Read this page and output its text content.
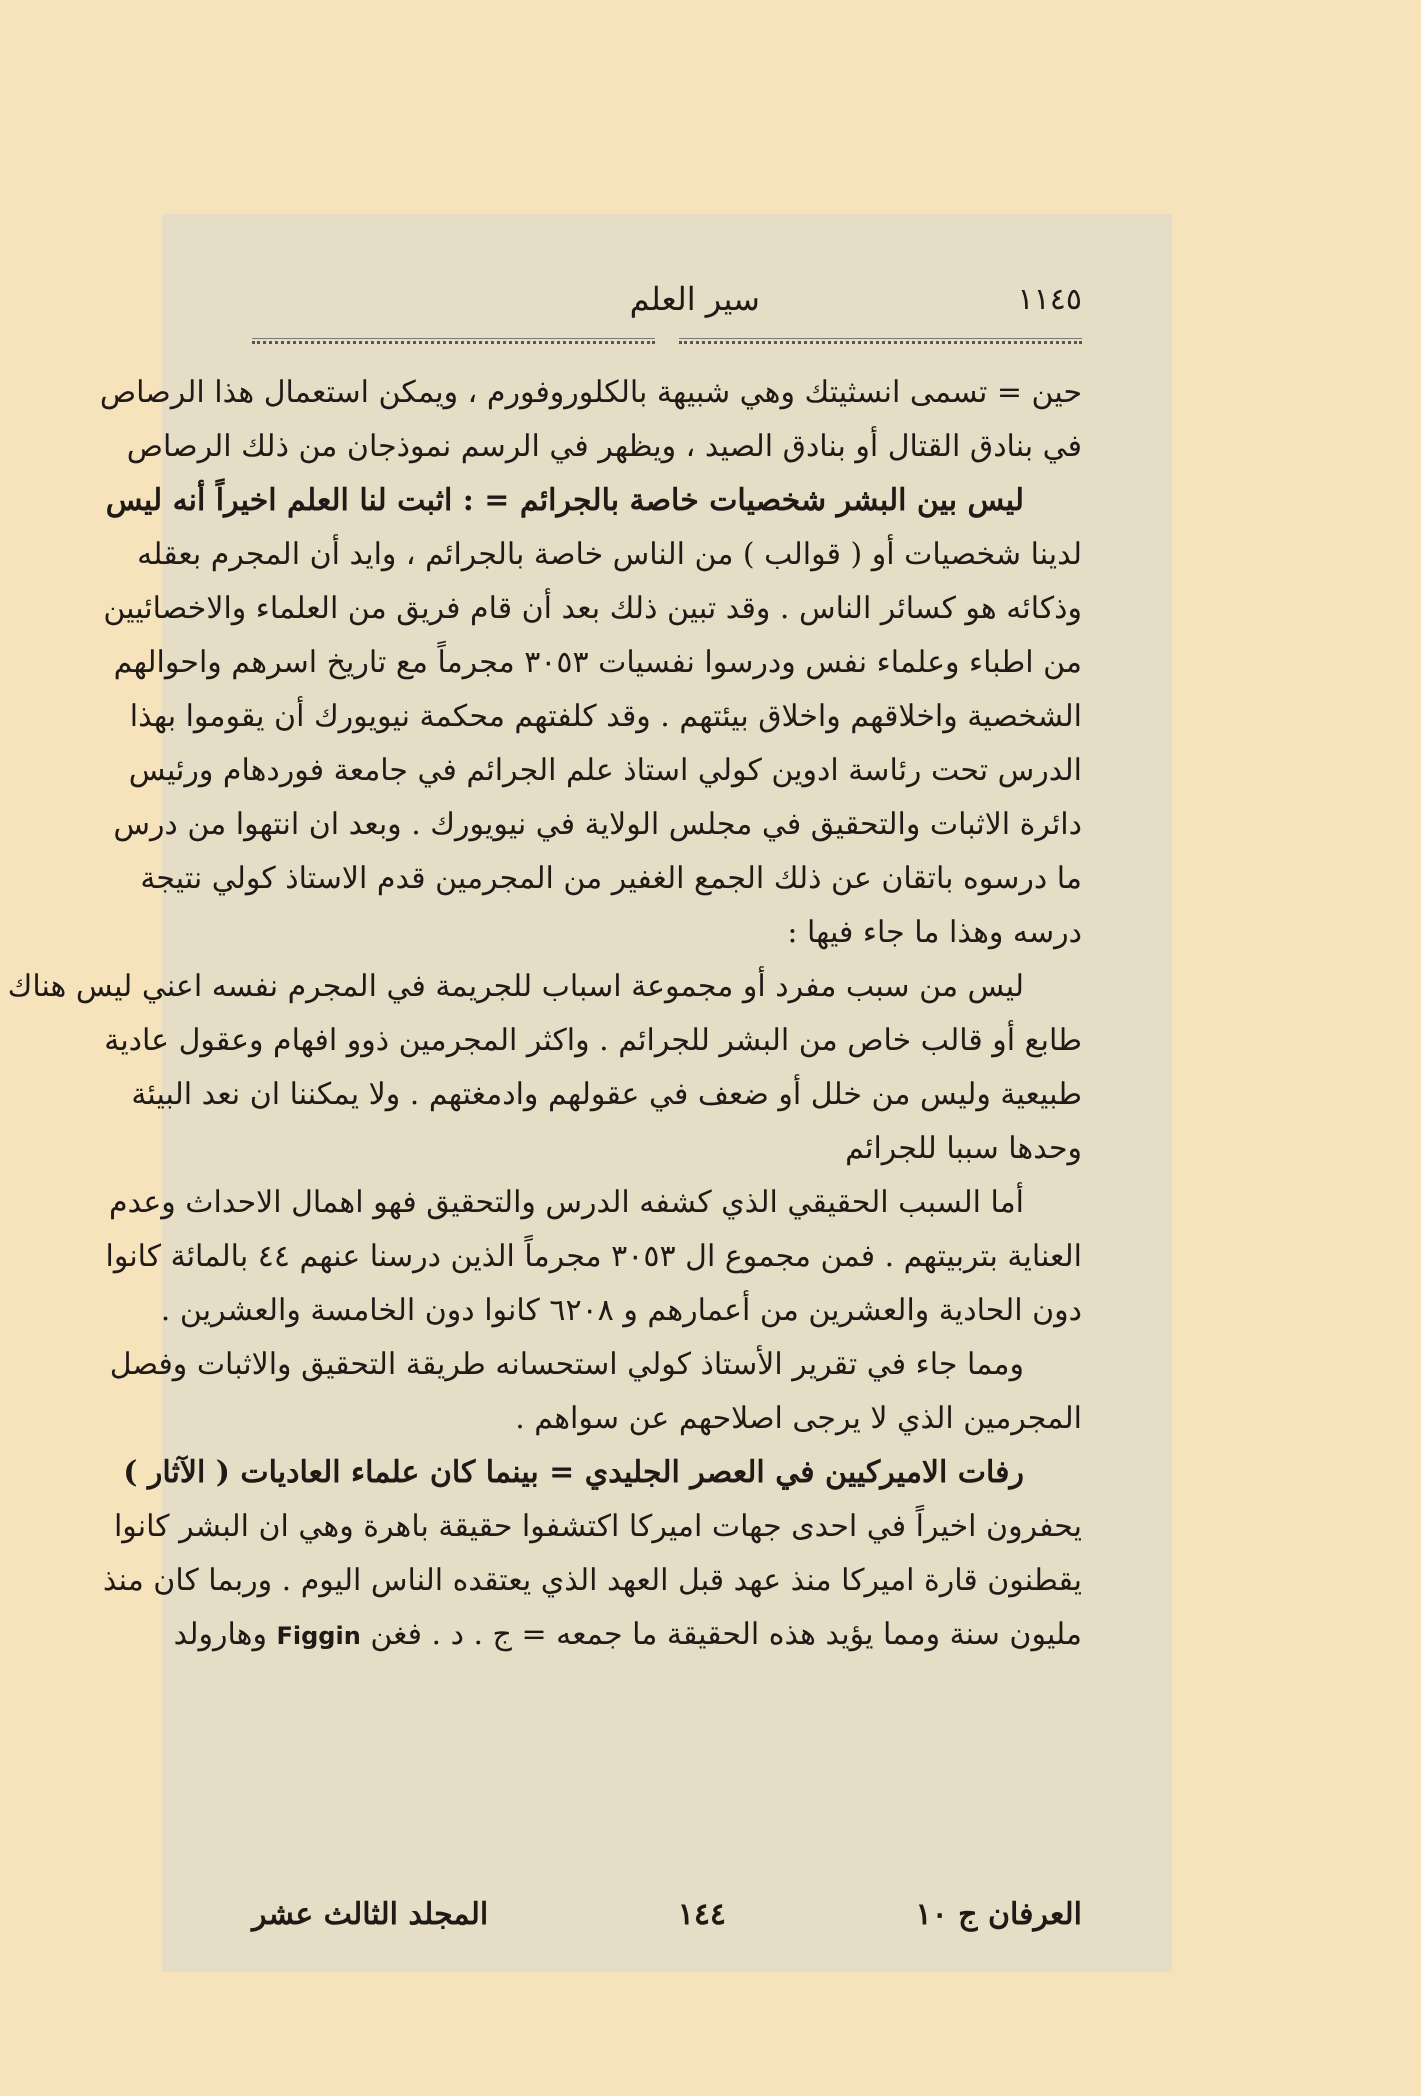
١١٤٥
سير العلم
حين = تسمى انسثيتك وهي شبيهة بالكلوروفورم ، ويمكن استعمال هذا الرصاص
في بنادق القتال أو بنادق الصيد ، ويظهر في الرسم نموذجان من ذلك الرصاص
ليس بين البشر شخصيات خاصة بالجرائم = : اثبت لنا العلم اخيراً أنه ليس
لدينا شخصيات أو ( قوالب ) من الناس خاصة بالجرائم ، وايد أن المجرم بعقله
وذكائه هو كسائر الناس . وقد تبين ذلك بعد أن قام فريق من العلماء والاخصائيين
من اطباء وعلماء نفس ودرسوا نفسيات ٣٠٥٣ مجرماً مع تاريخ اسرهم واحوالهم
الشخصية واخلاقهم واخلاق بيئتهم . وقد كلفتهم محكمة نيويورك أن يقوموا بهذا
الدرس تحت رئاسة ادوين كولي استاذ علم الجرائم في جامعة فوردهام ورئيس
دائرة الاثبات والتحقيق في مجلس الولاية في نيويورك . وبعد ان انتهوا من درس
ما درسوه باتقان عن ذلك الجمع الغفير من المجرمين قدم الاستاذ كولي نتيجة
درسه وهذا ما جاء فيها :
ليس من سبب مفرد أو مجموعة اسباب للجريمة في المجرم نفسه اعني ليس هناك
طابع أو قالب خاص من البشر للجرائم . واكثر المجرمين ذوو افهام وعقول عادية
طبيعية وليس من خلل أو ضعف في عقولهم وادمغتهم . ولا يمكننا ان نعد البيئة
وحدها سببا للجرائم
أما السبب الحقيقي الذي كشفه الدرس والتحقيق فهو اهمال الاحداث وعدم
العناية بتربيتهم . فمن مجموع ال ٣٠٥٣ مجرماً الذين درسنا عنهم ٤٤ بالمائة كانوا
دون الحادية والعشرين من أعمارهم و ٦٢٠٨ كانوا دون الخامسة والعشرين .
ومما جاء في تقرير الأستاذ كولي استحسانه طريقة التحقيق والاثبات وفصل
المجرمين الذي لا يرجى اصلاحهم عن سواهم .
رفات الاميركيين في العصر الجليدي = بينما كان علماء العاديات ( الآثار )
يحفرون اخيراً في احدى جهات اميركا اكتشفوا حقيقة باهرة وهي ان البشر كانوا
يقطنون قارة اميركا منذ عهد قبل العهد الذي يعتقده الناس اليوم . وربما كان منذ
مليون سنة ومما يؤيد هذه الحقيقة ما جمعه = ج . د . فغن Figgin وهارولد
العرفان ج ١٠
١٤٤
المجلد الثالث عشر
